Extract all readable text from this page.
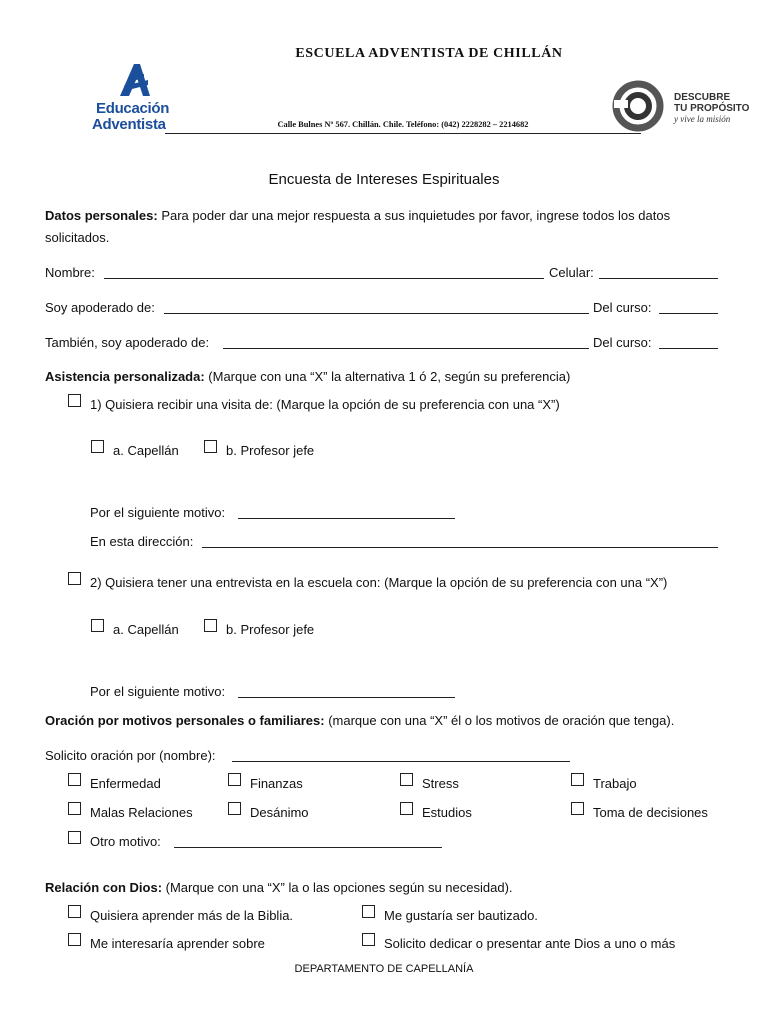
Educación
Adventista
DESCUBRE
TU PROPÓSITO
y vive la misión
ESCUELA ADVENTISTA DE CHILLÁN
Calle Bulnes Nº 567. Chillán. Chile. Teléfono: (042) 2228282 – 2214682
Encuesta de Intereses Espirituales
Datos personales: Para poder dar una mejor respuesta a sus inquietudes por favor, ingrese todos los datos
solicitados.
Nombre:	Celular:
Soy apoderado de:	Del curso:
También, soy apoderado de:	Del curso:
Asistencia personalizada: (Marque con una “X” la alternativa 1 ó 2, según su preferencia)
1) Quisiera recibir una visita de: (Marque la opción de su preferencia con una “X”)
a. Capellán	b. Profesor jefe
Por el siguiente motivo:
En esta dirección:
2) Quisiera tener una entrevista en la escuela con: (Marque la opción de su preferencia con una “X”)
a. Capellán	b. Profesor jefe
Por el siguiente motivo:
Oración por motivos personales o familiares: (marque con una “X” él o los motivos de oración que tenga).
Solicito oración por (nombre):
Enfermedad	Finanzas	Stress	Trabajo
Malas Relaciones	Desánimo	Estudios	Toma de decisiones
Otro motivo:
Relación con Dios: (Marque con una “X” la o las opciones según su necesidad).
Quisiera aprender más de la Biblia.	Me gustaría ser bautizado.
Me interesaría aprender sobre	Solicito dedicar o presentar ante Dios a uno o más
DEPARTAMENTO DE CAPELLANÍA
